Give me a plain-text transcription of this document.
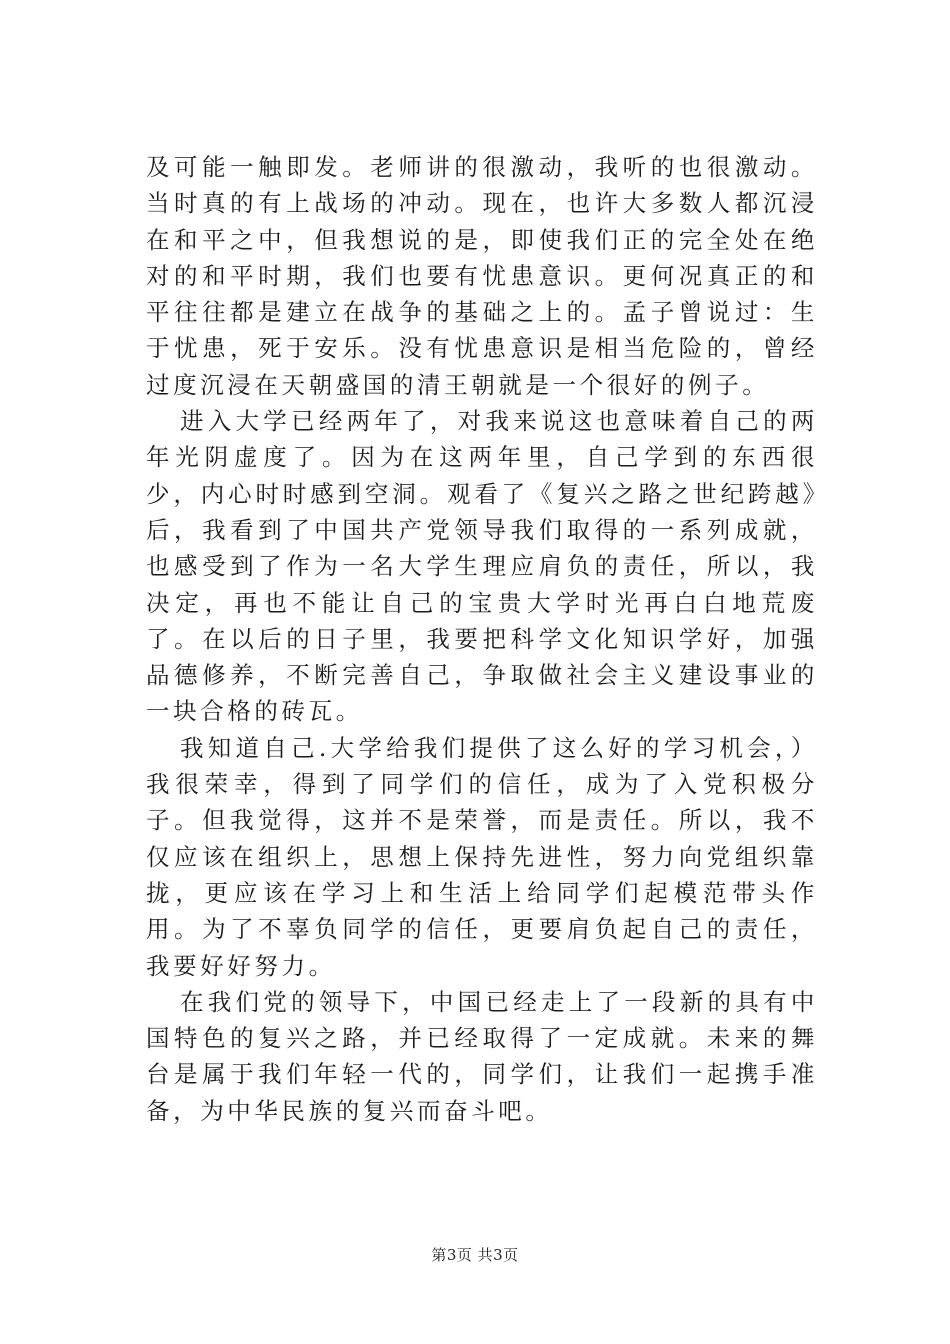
及可能一触即发。老师讲的很激动，我听的也很激动。当时真的有上战场的冲动。现在，也许大多数人都沉浸在和平之中，但我想说的是，即使我们正的完全处在绝对的和平时期，我们也要有忧患意识。更何况真正的和平往往都是建立在战争的基础之上的。孟子曾说过：生于忧患，死于安乐。没有忧患意识是相当危险的，曾经过度沉浸在天朝盛国的清王朝就是一个很好的例子。

进入大学已经两年了，对我来说这也意味着自己的两年光阴虚度了。因为在这两年里，自己学到的东西很少，内心时时感到空洞。观看了《复兴之路之世纪跨越》后，我看到了中国共产党领导我们取得的一系列成就，也感受到了作为一名大学生理应肩负的责任，所以，我决定，再也不能让自己的宝贵大学时光再白白地荒废了。在以后的日子里，我要把科学文化知识学好，加强品德修养，不断完善自己，争取做社会主义建设事业的一块合格的砖瓦。

我知道自己.大学给我们提供了这么好的学习机会，）我很荣幸，得到了同学们的信任，成为了入党积极分子。但我觉得，这并不是荣誉，而是责任。所以，我不仅应该在组织上，思想上保持先进性，努力向党组织靠拢，更应该在学习上和生活上给同学们起模范带头作用。为了不辜负同学的信任，更要肩负起自己的责任，我要好好努力。

在我们党的领导下，中国已经走上了一段新的具有中国特色的复兴之路，并已经取得了一定成就。未来的舞台是属于我们年轻一代的，同学们，让我们一起携手准备，为中华民族的复兴而奋斗吧。

第3页 共3页
